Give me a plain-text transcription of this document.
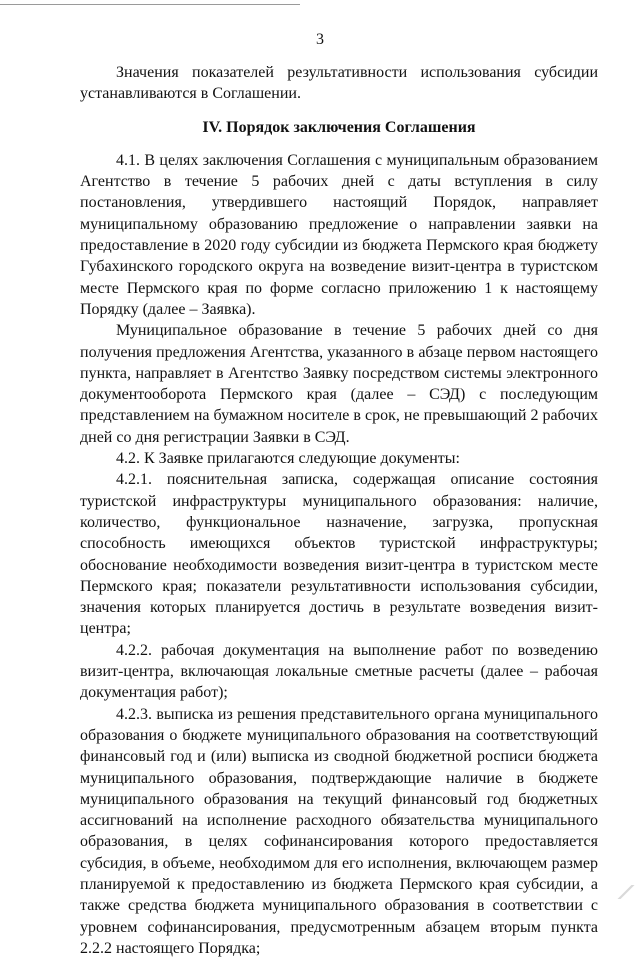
3

Значения показателей результативности использования субсидии устанавливаются в Соглашении.

IV. Порядок заключения Соглашения

4.1. В целях заключения Соглашения с муниципальным образованием Агентство в течение 5 рабочих дней с даты вступления в силу постановления, утвердившего настоящий Порядок, направляет муниципальному образованию предложение о направлении заявки на предоставление в 2020 году субсидии из бюджета Пермского края бюджету Губахинского городского округа на возведение визит-центра в туристском месте Пермского края по форме согласно приложению 1 к настоящему Порядку (далее – Заявка).

Муниципальное образование в течение 5 рабочих дней со дня получения предложения Агентства, указанного в абзаце первом настоящего пункта, направляет в Агентство Заявку посредством системы электронного документооборота Пермского края (далее – СЭД) с последующим представлением на бумажном носителе в срок, не превышающий 2 рабочих дней со дня регистрации Заявки в СЭД.

4.2. К Заявке прилагаются следующие документы:

4.2.1. пояснительная записка, содержащая описание состояния туристской инфраструктуры муниципального образования: наличие, количество, функциональное назначение, загрузка, пропускная способность имеющихся объектов туристской инфраструктуры; обоснование необходимости возведения визит-центра в туристском месте Пермского края; показатели результативности использования субсидии, значения которых планируется достичь в результате возведения визит-центра;

4.2.2. рабочая документация на выполнение работ по возведению визит-центра, включающая локальные сметные расчеты (далее – рабочая документация работ);

4.2.3. выписка из решения представительного органа муниципального образования о бюджете муниципального образования на соответствующий финансовый год и (или) выписка из сводной бюджетной росписи бюджета муниципального образования, подтверждающие наличие в бюджете муниципального образования на текущий финансовый год бюджетных ассигнований на исполнение расходного обязательства муниципального образования, в целях софинансирования которого предоставляется субсидия, в объеме, необходимом для его исполнения, включающем размер планируемой к предоставлению из бюджета Пермского края субсидии, а также средства бюджета муниципального образования в соответствии с уровнем софинансирования, предусмотренным абзацем вторым пункта 2.2.2 настоящего Порядка;
